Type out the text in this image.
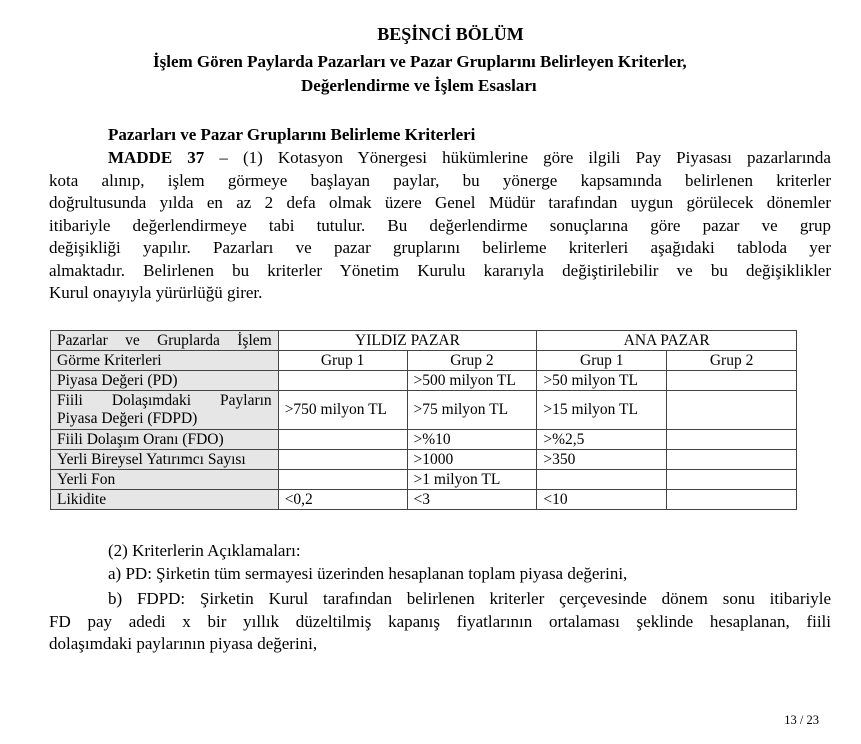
BEŞİNCİ BÖLÜM
İşlem Gören Paylarda Pazarları ve Pazar Gruplarını Belirleyen Kriterler,
Değerlendirme ve İşlem Esasları
Pazarları ve Pazar Gruplarını Belirleme Kriterleri
MADDE 37 – (1) Kotasyon Yönergesi hükümlerine göre ilgili Pay Piyasası pazarlarında
kota alınıp, işlem görmeye başlayan paylar, bu yönerge kapsamında belirlenen kriterler
doğrultusunda yılda en az 2 defa olmak üzere Genel Müdür tarafından uygun görülecek dönemler
itibariyle değerlendirmeye tabi tutulur. Bu değerlendirme sonuçlarına göre pazar ve grup
değişikliği yapılır. Pazarları ve pazar gruplarını belirleme kriterleri aşağıdaki tabloda yer
almaktadır. Belirlenen bu kriterler Yönetim Kurulu kararıyla değiştirilebilir ve bu değişiklikler
Kurul onayıyla yürürlüğü girer.
Pazarlar ve Gruplarda İşlem	YILDIZ PAZAR		ANA PAZAR	
Görme Kriterleri	Grup 1	Grup 2	Grup 1	Grup 2
Piyasa Değeri (PD)		>500 milyon TL	>50 milyon TL	

Fiili Dolaşımdaki Payların
Piyasa Değeri (FDPD)	>750 milyon TL	>75 milyon TL	>15 milyon TL	
Fiili Dolaşım Oranı (FDO)		>%10	>%2,5	
Yerli Bireysel Yatırımcı Sayısı		>1000	>350	
Yerli Fon		>1 milyon TL		
Likidite	<0,2	<3	<10	
(2) Kriterlerin Açıklamaları:
a) PD: Şirketin tüm sermayesi üzerinden hesaplanan toplam piyasa değerini,
b) FDPD: Şirketin Kurul tarafından belirlenen kriterler çerçevesinde dönem sonu itibariyle
FD pay adedi x bir yıllık düzeltilmiş kapanış fiyatlarının ortalaması şeklinde hesaplanan, fiili
dolaşımdaki paylarının piyasa değerini,
13 / 23
